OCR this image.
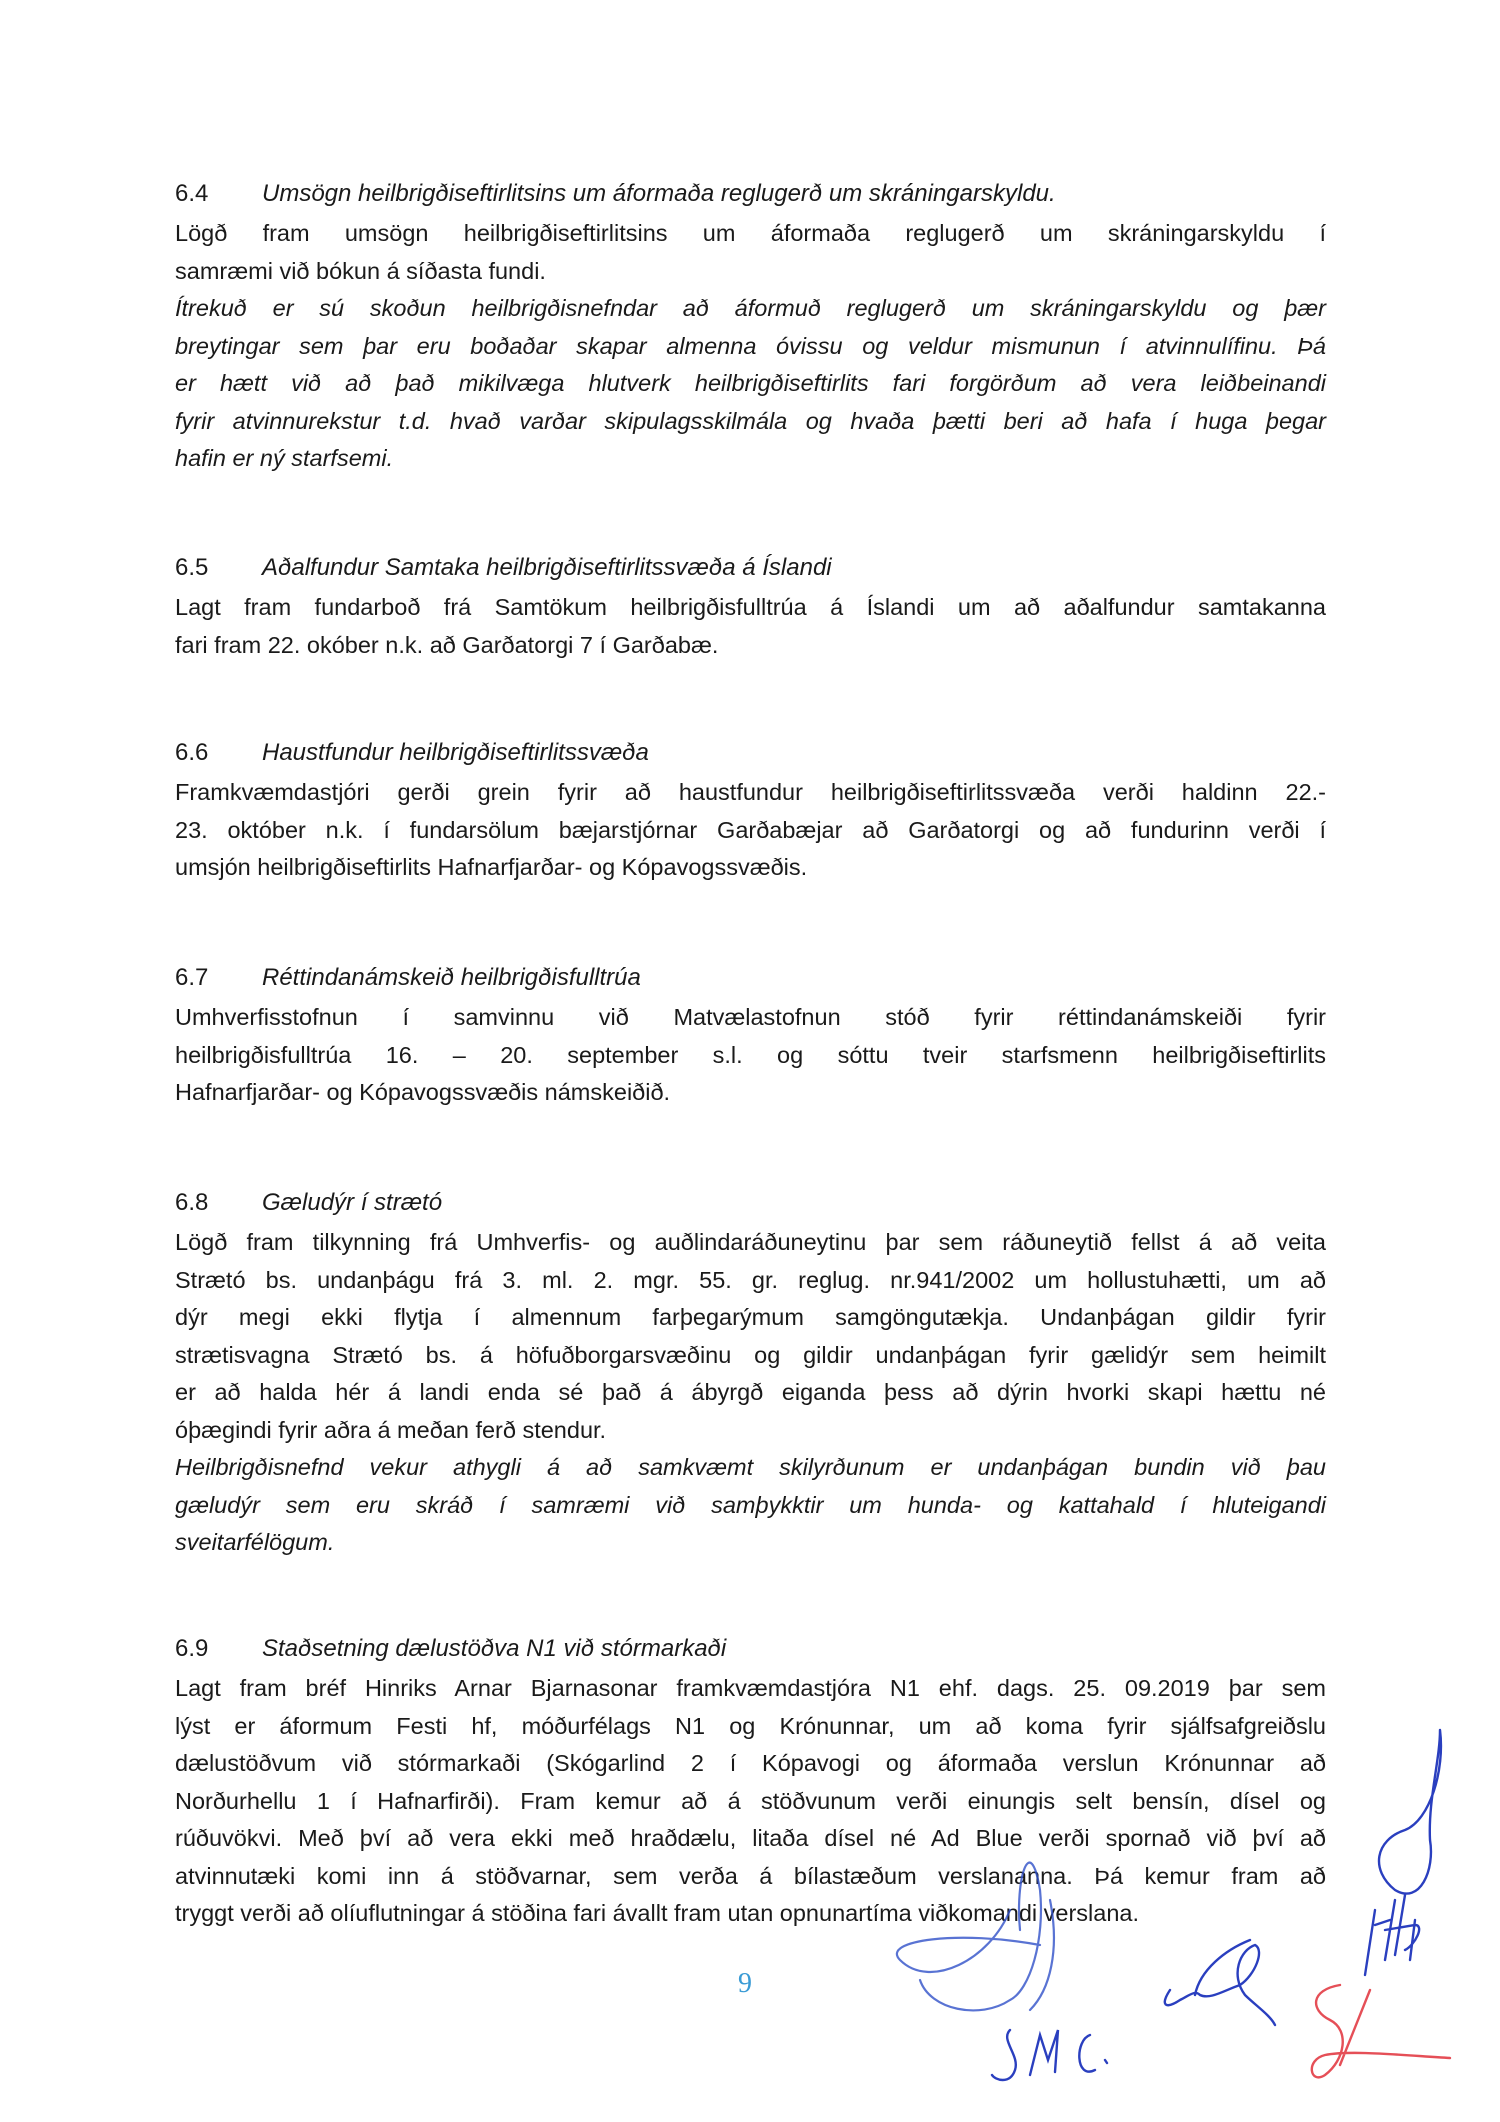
6.4 Umsögn heilbrigðiseftirlitsins um áformaða reglugerð um skráningarskyldu.
Lögð fram umsögn heilbrigðiseftirlitsins um áformaða reglugerð um skráningarskyldu í
samræmi við bókun á síðasta fundi.
Ítrekuð er sú skoðun heilbrigðisnefndar að áformuð reglugerð um skráningarskyldu og þær
breytingar sem þar eru boðaðar skapar almenna óvissu og veldur mismunun í atvinnulífinu. Þá
er hætt við að það mikilvæga hlutverk heilbrigðiseftirlits fari forgörðum að vera leiðbeinandi
fyrir atvinnurekstur t.d. hvað varðar skipulagsskilmála og hvaða þætti beri að hafa í huga þegar
hafin er ný starfsemi.
6.5 Aðalfundur Samtaka heilbrigðiseftirlitssvæða á Íslandi
Lagt fram fundarboð frá Samtökum heilbrigðisfulltrúa á Íslandi um að aðalfundur samtakanna
fari fram 22. okóber n.k. að Garðatorgi 7 í Garðabæ.
6.6 Haustfundur heilbrigðiseftirlitssvæða
Framkvæmdastjóri gerði grein fyrir að haustfundur heilbrigðiseftirlitssvæða verði haldinn 22.-
23. október n.k. í fundarsölum bæjarstjórnar Garðabæjar að Garðatorgi og að fundurinn verði í
umsjón heilbrigðiseftirlits Hafnarfjarðar- og Kópavogssvæðis.
6.7 Réttindanámskeið heilbrigðisfulltrúa
Umhverfisstofnun í samvinnu við Matvælastofnun stóð fyrir réttindanámskeiði fyrir
heilbrigðisfulltrúa 16. – 20. september s.l. og sóttu tveir starfsmenn heilbrigðiseftirlits
Hafnarfjarðar- og Kópavogssvæðis námskeiðið.
6.8 Gæludýr í strætó
Lögð fram tilkynning frá Umhverfis- og auðlindaráðuneytinu þar sem ráðuneytið fellst á að veita
Strætó bs. undanþágu frá 3. ml. 2. mgr. 55. gr. reglug. nr.941/2002 um hollustuhætti, um að
dýr megi ekki flytja í almennum farþegarýmum samgöngutækja. Undanþágan gildir fyrir
strætisvagna Strætó bs. á höfuðborgarsvæðinu og gildir undanþágan fyrir gælidýr sem heimilt
er að halda hér á landi enda sé það á ábyrgð eiganda þess að dýrin hvorki skapi hættu né
óþægindi fyrir aðra á meðan ferð stendur.
Heilbrigðisnefnd vekur athygli á að samkvæmt skilyrðunum er undanþágan bundin við þau
gæludýr sem eru skráð í samræmi við samþykktir um hunda- og kattahald í hluteigandi
sveitarfélögum.
6.9 Staðsetning dælustöðva N1 við stórmarkaði
Lagt fram bréf Hinriks Arnar Bjarnasonar framkvæmdastjóra N1 ehf. dags. 25. 09.2019 þar sem
lýst er áformum Festi hf, móðurfélags N1 og Krónunnar, um að koma fyrir sjálfsafgreiðslu
dælustöðvum við stórmarkaði (Skógarlind 2 í Kópavogi og áformaða verslun Krónunnar að
Norðurhellu 1 í Hafnarfirði). Fram kemur að á stöðvunum verði einungis selt bensín, dísel og
rúðuvökvi. Með því að vera ekki með hraðdælu, litaða dísel né Ad Blue verði spornað við því að
atvinnutæki komi inn á stöðvarnar, sem verða á bílastæðum verslananna. Þá kemur fram að
tryggt verði að olíuflutningar á stöðina fari ávallt fram utan opnunartíma viðkomandi verslana.
9
